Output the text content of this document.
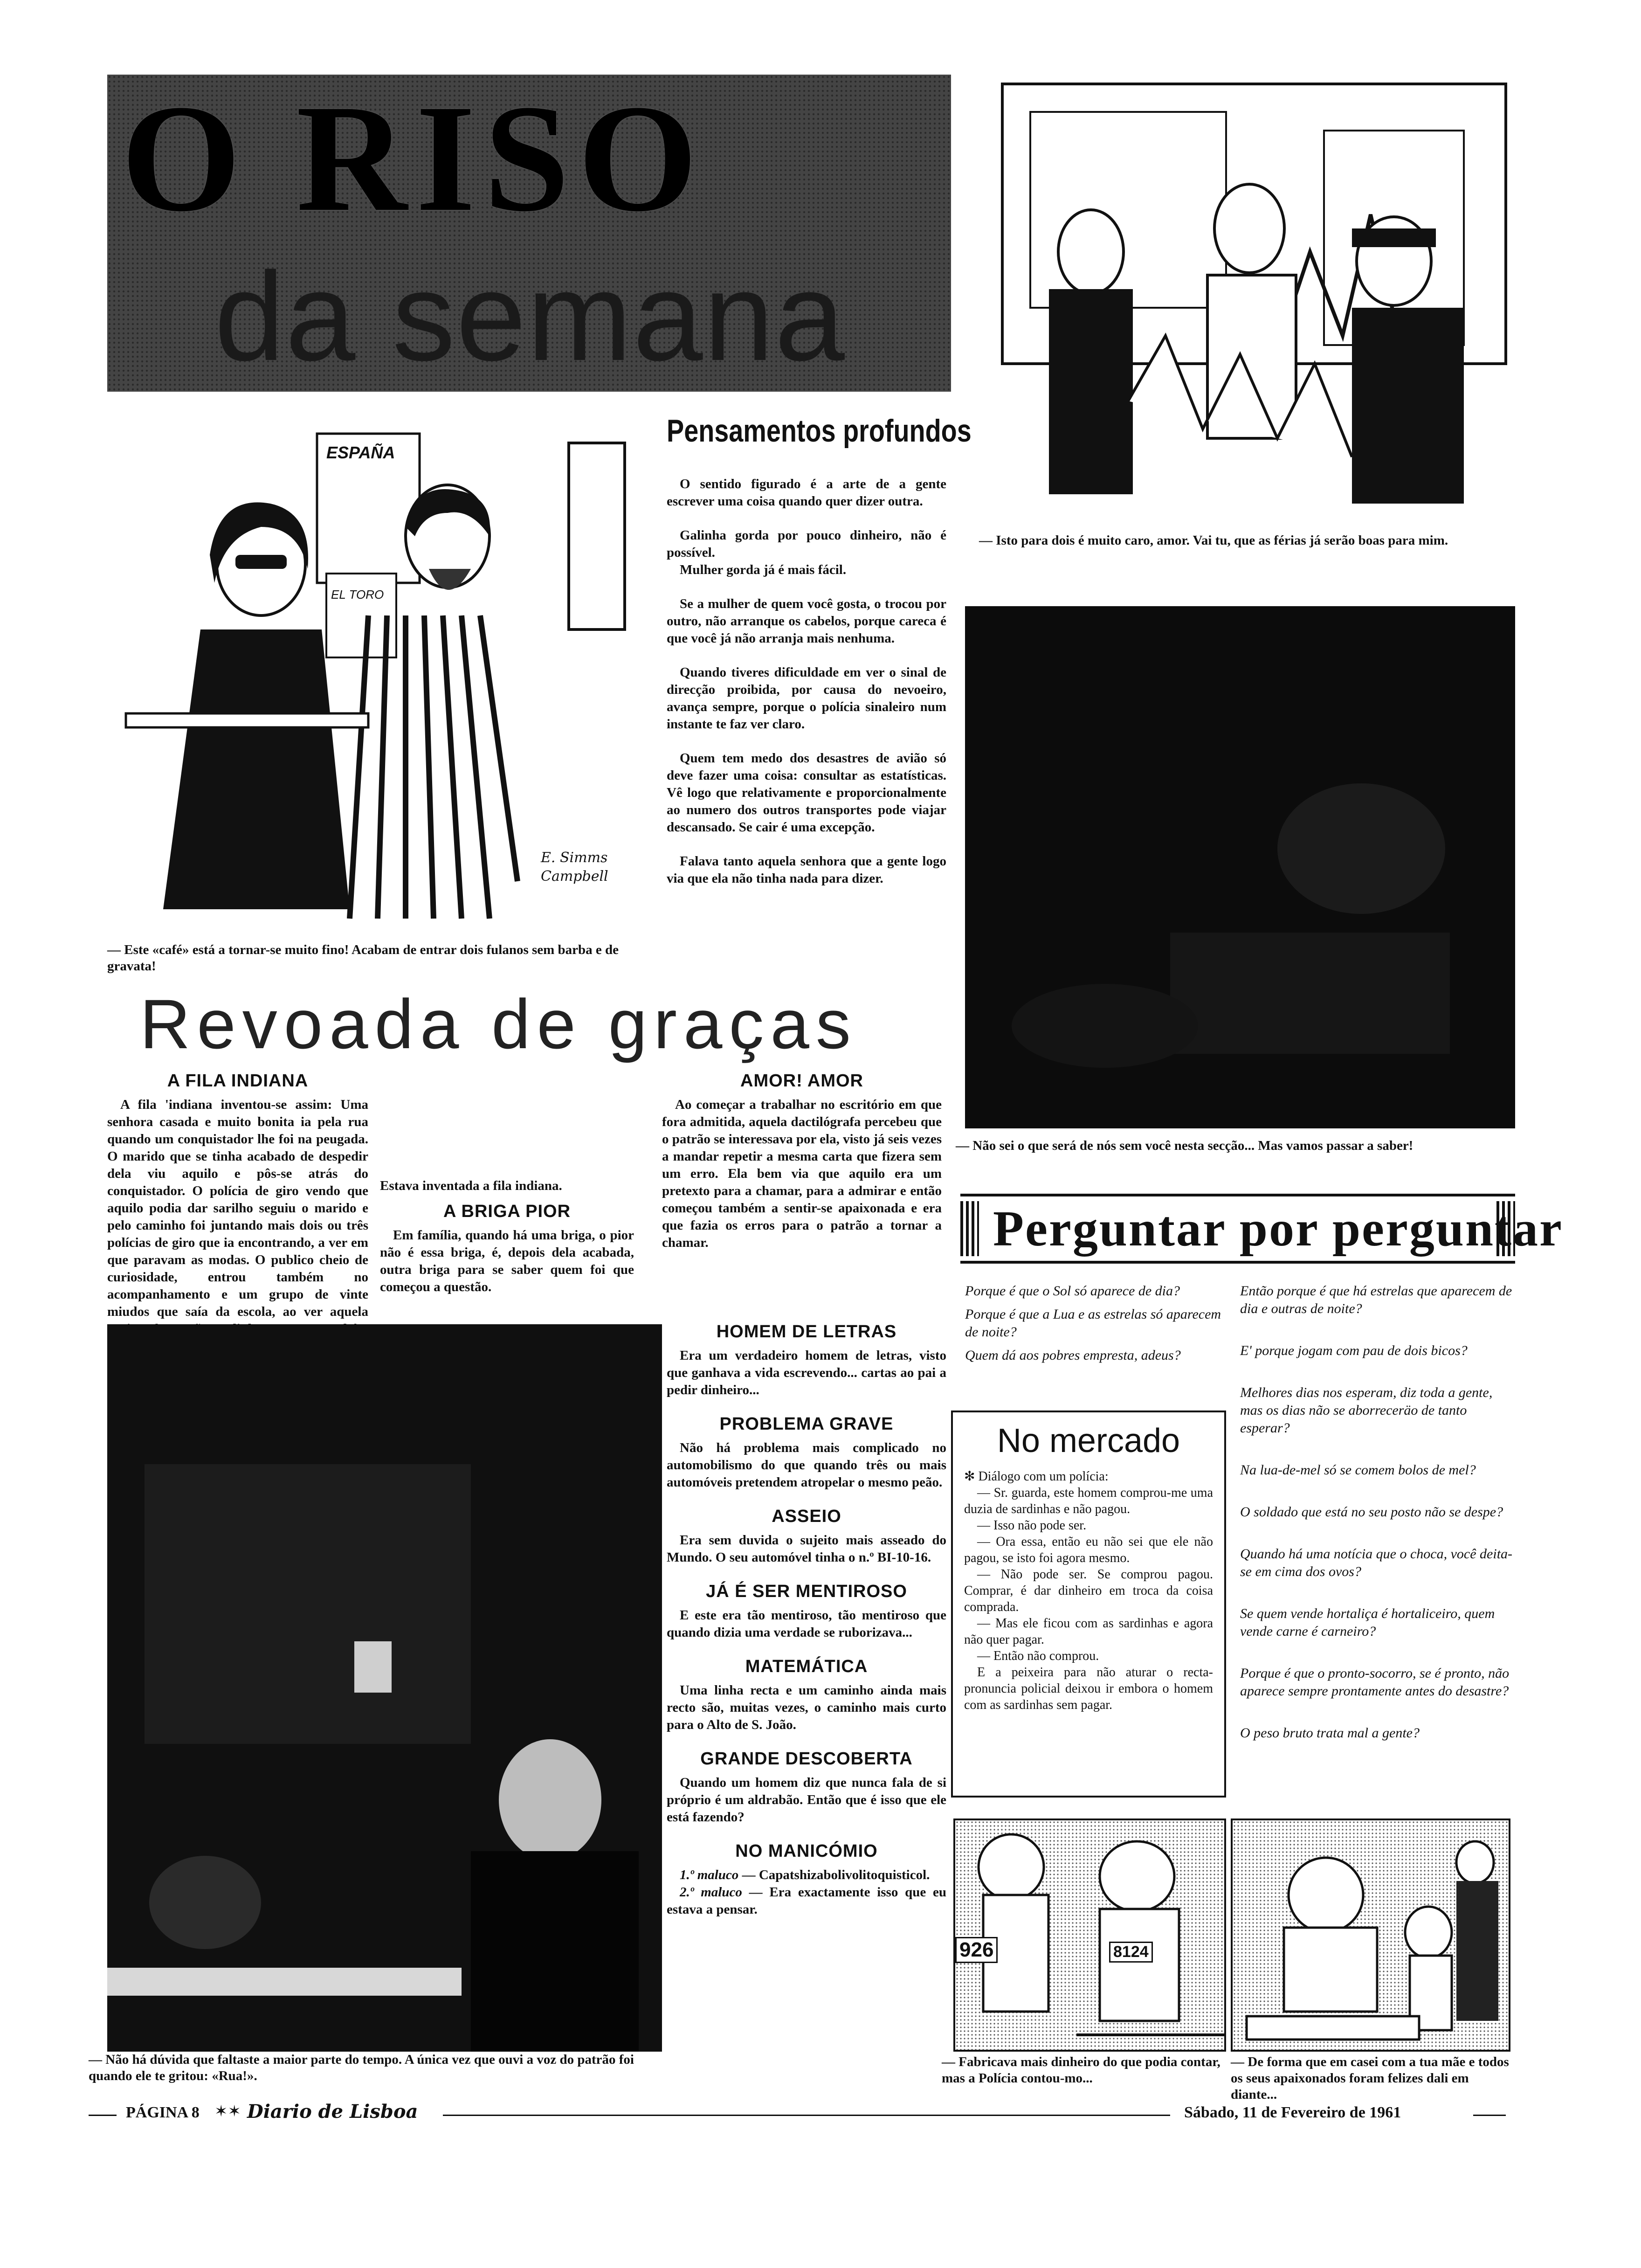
O RISO
da semana
— Isto para dois é muito caro, amor. Vai tu, que as férias já serão boas para mim.
ESPAÑA
EL TORO
E. Simms Campbell
— Este «café» está a tornar-se muito fino! Acabam de entrar dois fulanos sem barba e de gravata!
Pensamentos profundos

O sentido figurado é a arte de a gente escrever uma coisa quando quer dizer outra.

Galinha gorda por pouco dinheiro, não é possível.

Mulher gorda já é mais fácil.

Se a mulher de quem você gosta, o trocou por outro, não arranque os cabelos, porque careca é que você já não arranja mais nenhuma.

Quando tiveres dificuldade em ver o sinal de direcção proibida, por causa do nevoeiro, avança sempre, porque o polícia sinaleiro num instante te faz ver claro.

Quem tem medo dos desastres de avião só deve fazer uma coisa: consultar as estatísticas. Vê logo que relativamente e proporcionalmente ao numero dos outros transportes pode viajar descansado. Se cair é uma excepção.

Falava tanto aquela senhora que a gente logo via que ela não tinha nada para dizer.

— Não sei o que será de nós sem você nesta secção... Mas vamos passar a saber!
Revoada de graças
A FILA INDIANA

A fila 'indiana inventou-se assim: Uma senhora casada e muito bonita ia pela rua quando um conquistador lhe foi na peugada. O marido que se tinha acabado de despedir dela viu aquilo e pôs-se atrás do conquistador. O polícia de giro vendo que aquilo podia dar sarilho seguiu o marido e pelo caminho foi juntando mais dois ou três polícias de giro que ia encontrando, a ver em que paravam as modas. O publico cheio de curiosidade, entrou também no acompanhamento e um grupo de vinte miudos que saía da escola, ao ver aquela

Estava inventada a fila indiana.

A BRIGA PIOR

Em família, quando há uma briga, o pior não é essa briga, é, depois dela acabada, outra briga para se saber quem foi que começou a questão.

AMOR! AMOR

Ao começar a trabalhar no escritório em que fora admitida, aquela dactilógrafa percebeu que o patrão se interessava por ela, visto já seis vezes a mandar repetir a mesma carta que fizera sem um erro. Ela bem via que aquilo era um pretexto para a chamar, para a admirar e então começou também a sentir-se apaixonada e era que fazia os erros para o patrão a tornar a chamar.

— Não há dúvida que faltaste a maior parte do tempo. A única vez que ouvi a voz do patrão foi quando ele te gritou: «Rua!».
HOMEM DE LETRAS

Era um verdadeiro homem de letras, visto que ganhava a vida escrevendo... cartas ao pai a pedir dinheiro...

PROBLEMA GRAVE

Não há problema mais complicado no automobilismo do que quando três ou mais automóveis pretendem atropelar o mesmo peão.

ASSEIO

Era sem duvida o sujeito mais asseado do Mundo. O seu automóvel tinha o n.º BI-10-16.

JÁ É SER MENTIROSO

E este era tão mentiroso, tão mentiroso que quando dizia uma verdade se ruborizava...

MATEMÁTICA

Uma linha recta e um caminho ainda mais recto são, muitas vezes, o caminho mais curto para o Alto de S. João.

GRANDE DESCOBERTA

Quando um homem diz que nunca fala de si próprio é um aldrabão. Então que é isso que ele está fazendo?

NO MANICÓMIO

1.º maluco — Capatshizabolivolitoquisticol.

2.º maluco — Era exactamente isso que eu estava a pensar.

Perguntar por perguntar

Porque é que o Sol só aparece de dia?

Porque é que a Lua e as estrelas só aparecem de noite?

Quem dá aos pobres empresta, adeus?

Então porque é que há estrelas que aparecem de dia e outras de noite?

E' porque jogam com pau de dois bicos?

Melhores dias nos esperam, diz toda a gente, mas os dias não se aborreceräo de tanto esperar?

Na lua-de-mel só se comem bolos de mel?

O soldado que está no seu posto não se despe?

Quando há uma notícia que o choca, você deita-se em cima dos ovos?

Se quem vende hortaliça é hortaliceiro, quem vende carne é carneiro?

Porque é que o pronto-socorro, se é pronto, não aparece sempre prontamente antes do desastre?

O peso bruto trata mal a gente?

No mercado

✻ Diálogo com um polícia:

— Sr. guarda, este homem comprou-me uma duzia de sardinhas e não pagou.

— Isso não pode ser.

— Ora essa, então eu não sei que ele não pagou, se isto foi agora mesmo.

— Não pode ser. Se comprou pagou. Comprar, é dar dinheiro em troca da coisa comprada.

— Mas ele ficou com as sardinhas e agora não quer pagar.

— Então não comprou.

E a peixeira para não aturar o recta-pronuncia policial deixou ir embora o homem com as sardinhas sem pagar.

926	8124
— Fabricava mais dinheiro do que podia contar, mas a Polícia contou-mo...
— De forma que em casei com a tua mãe e todos os seus apaixonados foram felizes dali em diante...
PÁGINA 8 ✶✶ Diario de Lisboa	Sábado, 11 de Fevereiro de 1961
